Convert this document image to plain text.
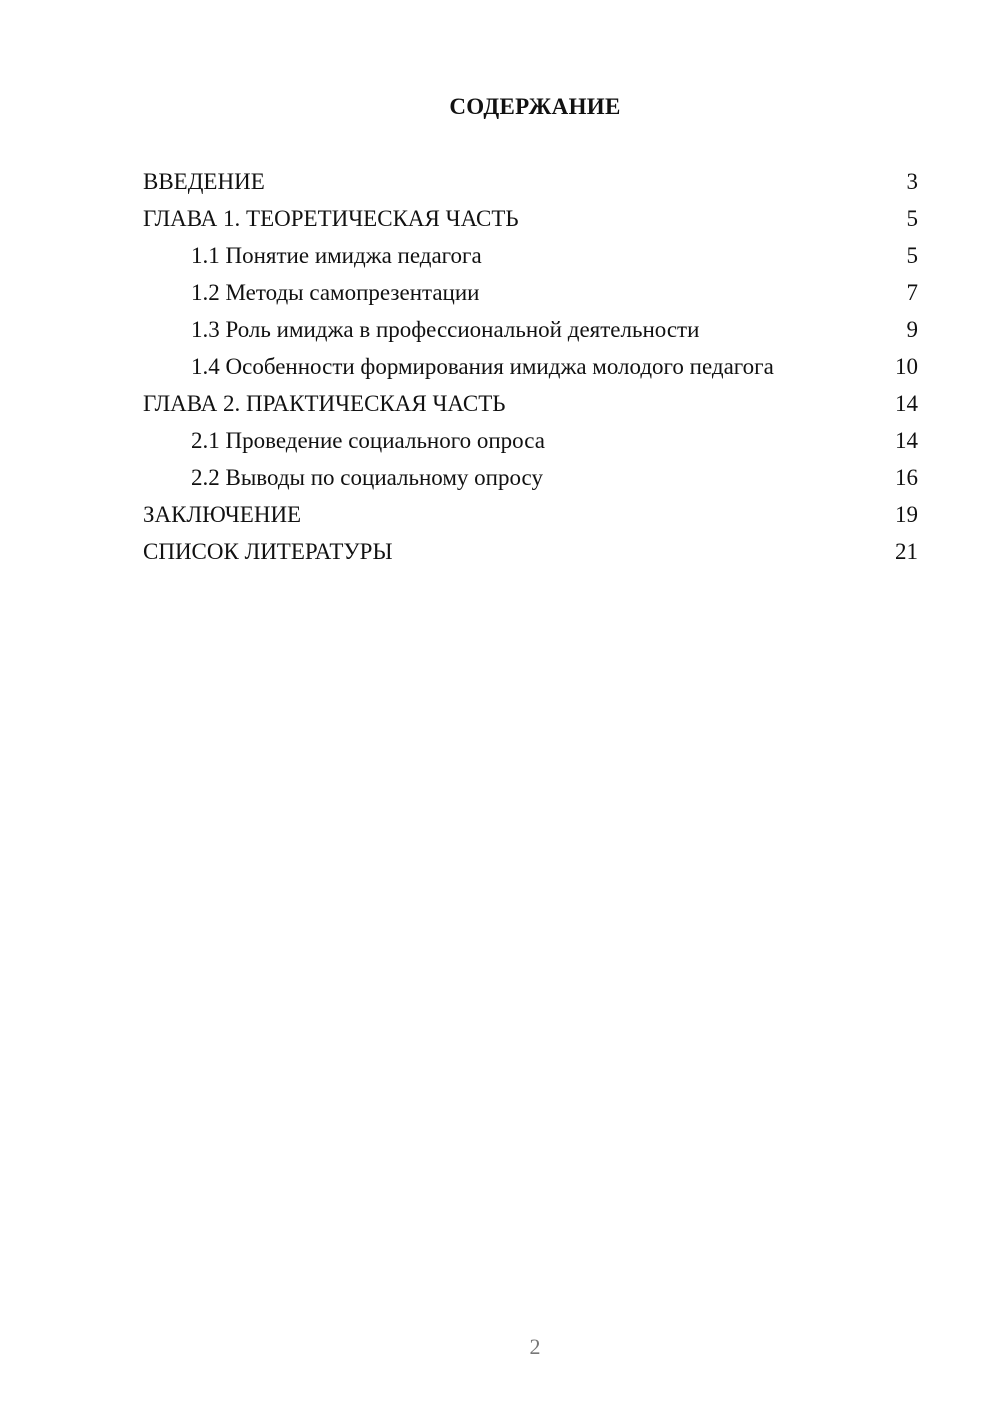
СОДЕРЖАНИЕ
ВВЕДЕНИЕ	3
ГЛАВА 1. ТЕОРЕТИЧЕСКАЯ ЧАСТЬ	5
1.1 Понятие имиджа педагога	5
1.2 Методы самопрезентации	7
1.3 Роль имиджа в профессиональной деятельности	9
1.4 Особенности формирования имиджа молодого педагога	10
ГЛАВА 2. ПРАКТИЧЕСКАЯ ЧАСТЬ	14
2.1 Проведение социального опроса	14
2.2 Выводы по социальному опросу	16
ЗАКЛЮЧЕНИЕ	19
СПИСОК ЛИТЕРАТУРЫ	21
2
